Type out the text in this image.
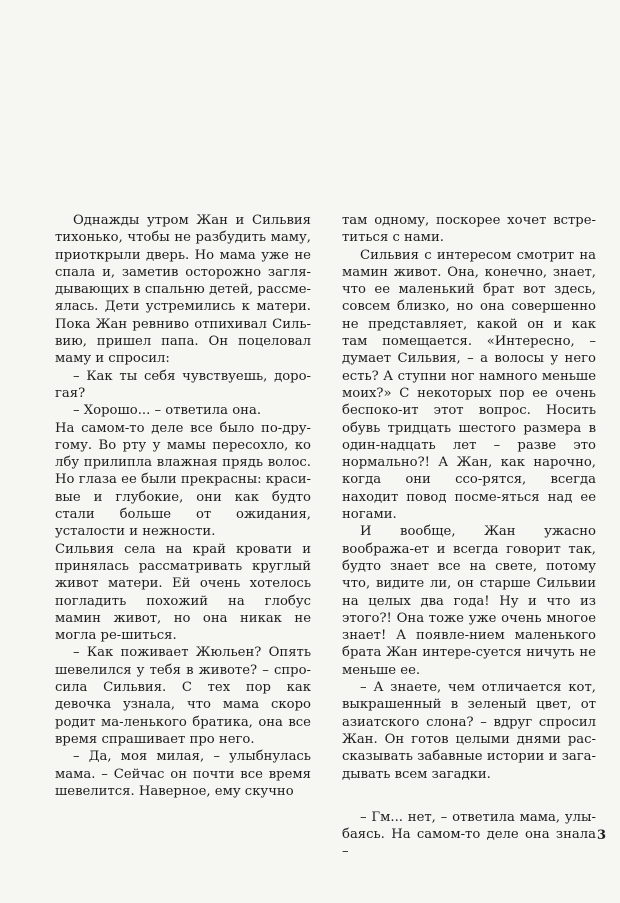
Однажды утром Жан и Сильвия тихонько, чтобы не разбудить маму, приоткрыли дверь. Но мама уже не спала и, заметив осторожно загля-дывающих в спальню детей, рассме-ялась. Дети устремились к матери. Пока Жан ревниво отпихивал Силь-вию, пришел папа. Он поцеловал маму и спросил:

– Как ты себя чувствуешь, доро-гая?

– Хорошо... – ответила она.

На самом-то деле все было по-дру-гому. Во рту у мамы пересохло, ко лбу прилипла влажная прядь волос. Но глаза ее были прекрасны: краси-вые и глубокие, они как будто стали больше от ожидания, усталости и нежности.

Сильвия села на край кровати и принялась рассматривать круглый живот матери. Ей очень хотелось погладить похожий на глобус мамин живот, но она никак не могла ре-шиться.

– Как поживает Жюльен? Опять шевелился у тебя в животе? – спро-сила Сильвия. С тех пор как девочка узнала, что мама скоро родит ма-ленького братика, она все время спрашивает про него.

– Да, моя милая, – улыбнулась мама. – Сейчас он почти все время шевелится. Наверное, ему скучно

там одному, поскорее хочет встре-титься с нами.

Сильвия с интересом смотрит на мамин живот. Она, конечно, знает, что ее маленький брат вот здесь, совсем близко, но она совершенно не представляет, какой он и как там помещается. «Интересно, – думает Сильвия, – а волосы у него есть? А ступни ног намного меньше моих?» С некоторых пор ее очень беспоко-ит этот вопрос. Носить обувь тридцать шестого размера в один-надцать лет – разве это нормально?! А Жан, как нарочно, когда они ссо-рятся, всегда находит повод посме-яться над ее ногами.

И вообще, Жан ужасно вообража-ет и всегда говорит так, будто знает все на свете, потому что, видите ли, он старше Сильвии на целых два года! Ну и что из этого?! Она тоже уже очень многое знает! А появле-нием маленького брата Жан интере-суется ничуть не меньше ее.

– А знаете, чем отличается кот, выкрашенный в зеленый цвет, от азиатского слона? – вдруг спросил Жан. Он готов целыми днями рас-сказывать забавные истории и зага-дывать всем загадки.

– Гм... нет, – ответила мама, улы-баясь. На самом-то деле она знала –

3
